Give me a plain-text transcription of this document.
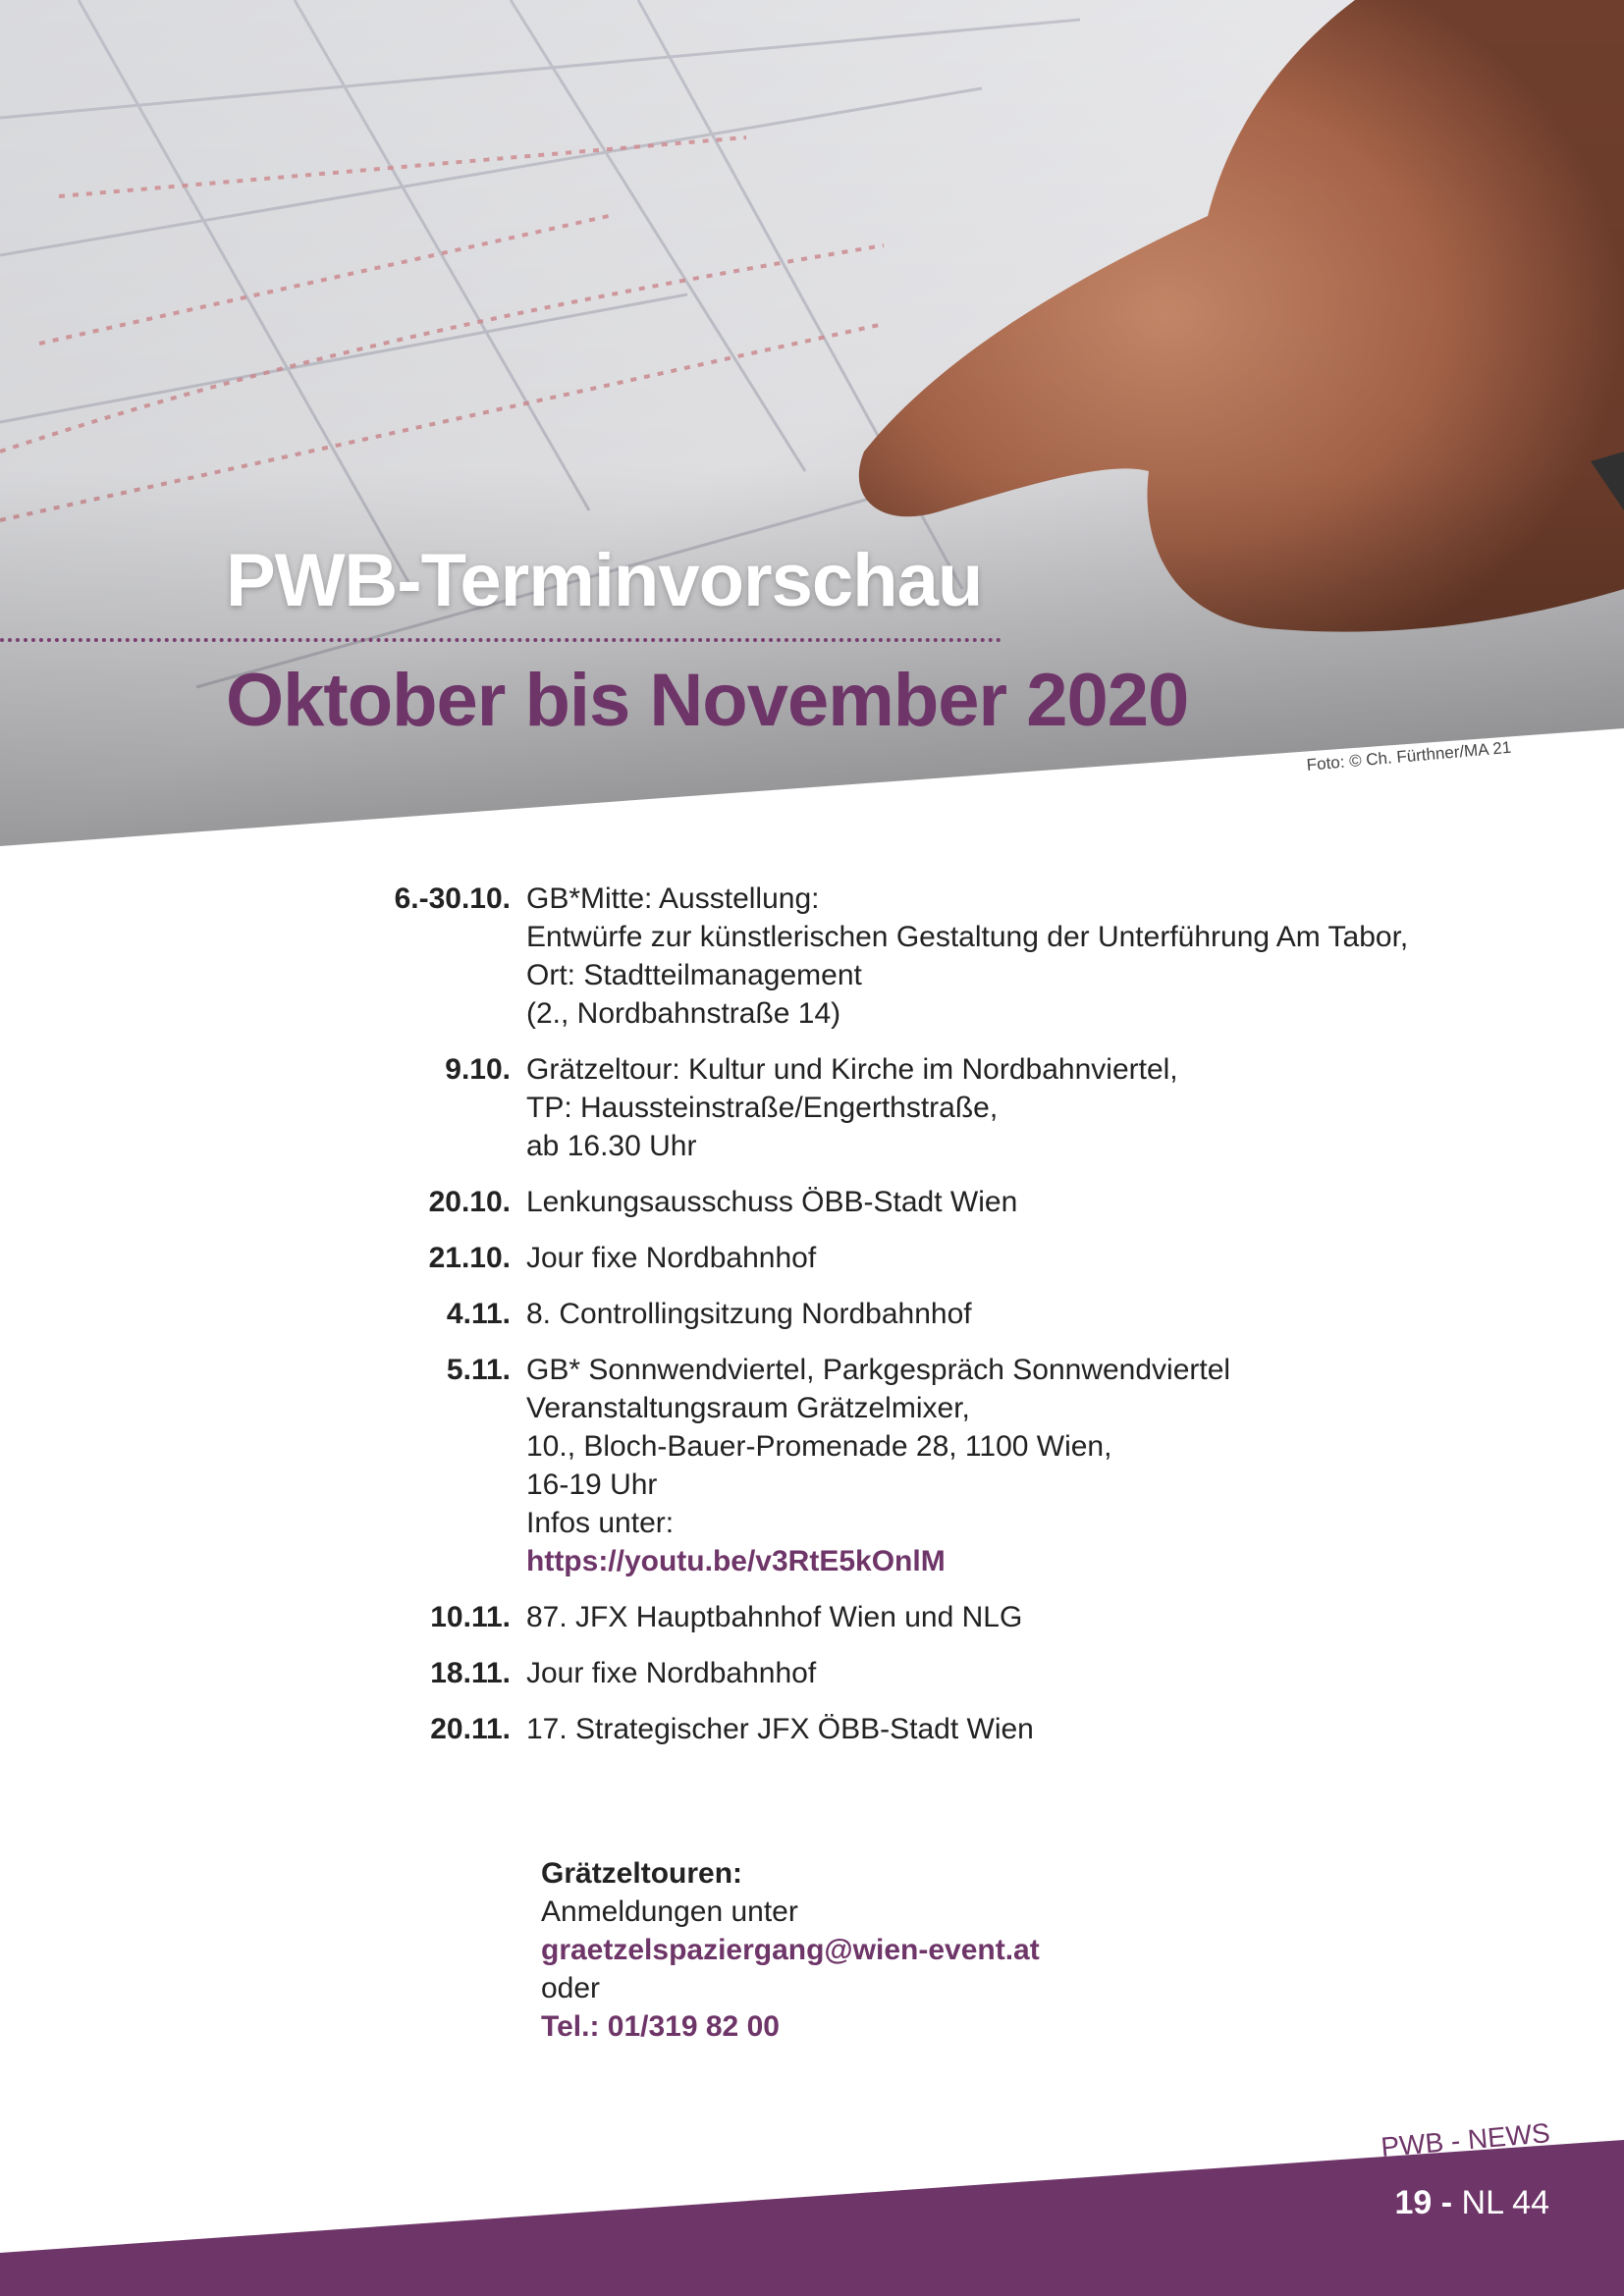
PWB-Terminvorschau
Oktober bis November 2020
Foto: © Ch. Fürthner/MA 21
6.-30.10. GB*Mitte: Ausstellung:
Entwürfe zur künstlerischen Gestaltung der Unterführung Am Tabor,
Ort: Stadtteilmanagement
(2., Nordbahnstraße 14)
9.10. Grätzeltour: Kultur und Kirche im Nordbahnviertel,
TP: Haussteinstraße/Engerthstraße,
ab 16.30 Uhr
20.10. Lenkungsausschuss ÖBB-Stadt Wien
21.10. Jour fixe Nordbahnhof
4.11. 8. Controllingsitzung Nordbahnhof
5.11. GB* Sonnwendviertel, Parkgespräch Sonnwendviertel
Veranstaltungsraum Grätzelmixer,
10., Bloch-Bauer-Promenade 28, 1100 Wien,
16-19 Uhr
Infos unter:
https://youtu.be/v3RtE5kOnlM
10.11. 87. JFX Hauptbahnhof Wien und NLG
18.11. Jour fixe Nordbahnhof
20.11. 17. Strategischer JFX ÖBB-Stadt Wien
Grätzeltouren:
Anmeldungen unter
graetzelspaziergang@wien-event.at
oder
Tel.: 01/319 82 00
PWB - NEWS
19 - NL 44
